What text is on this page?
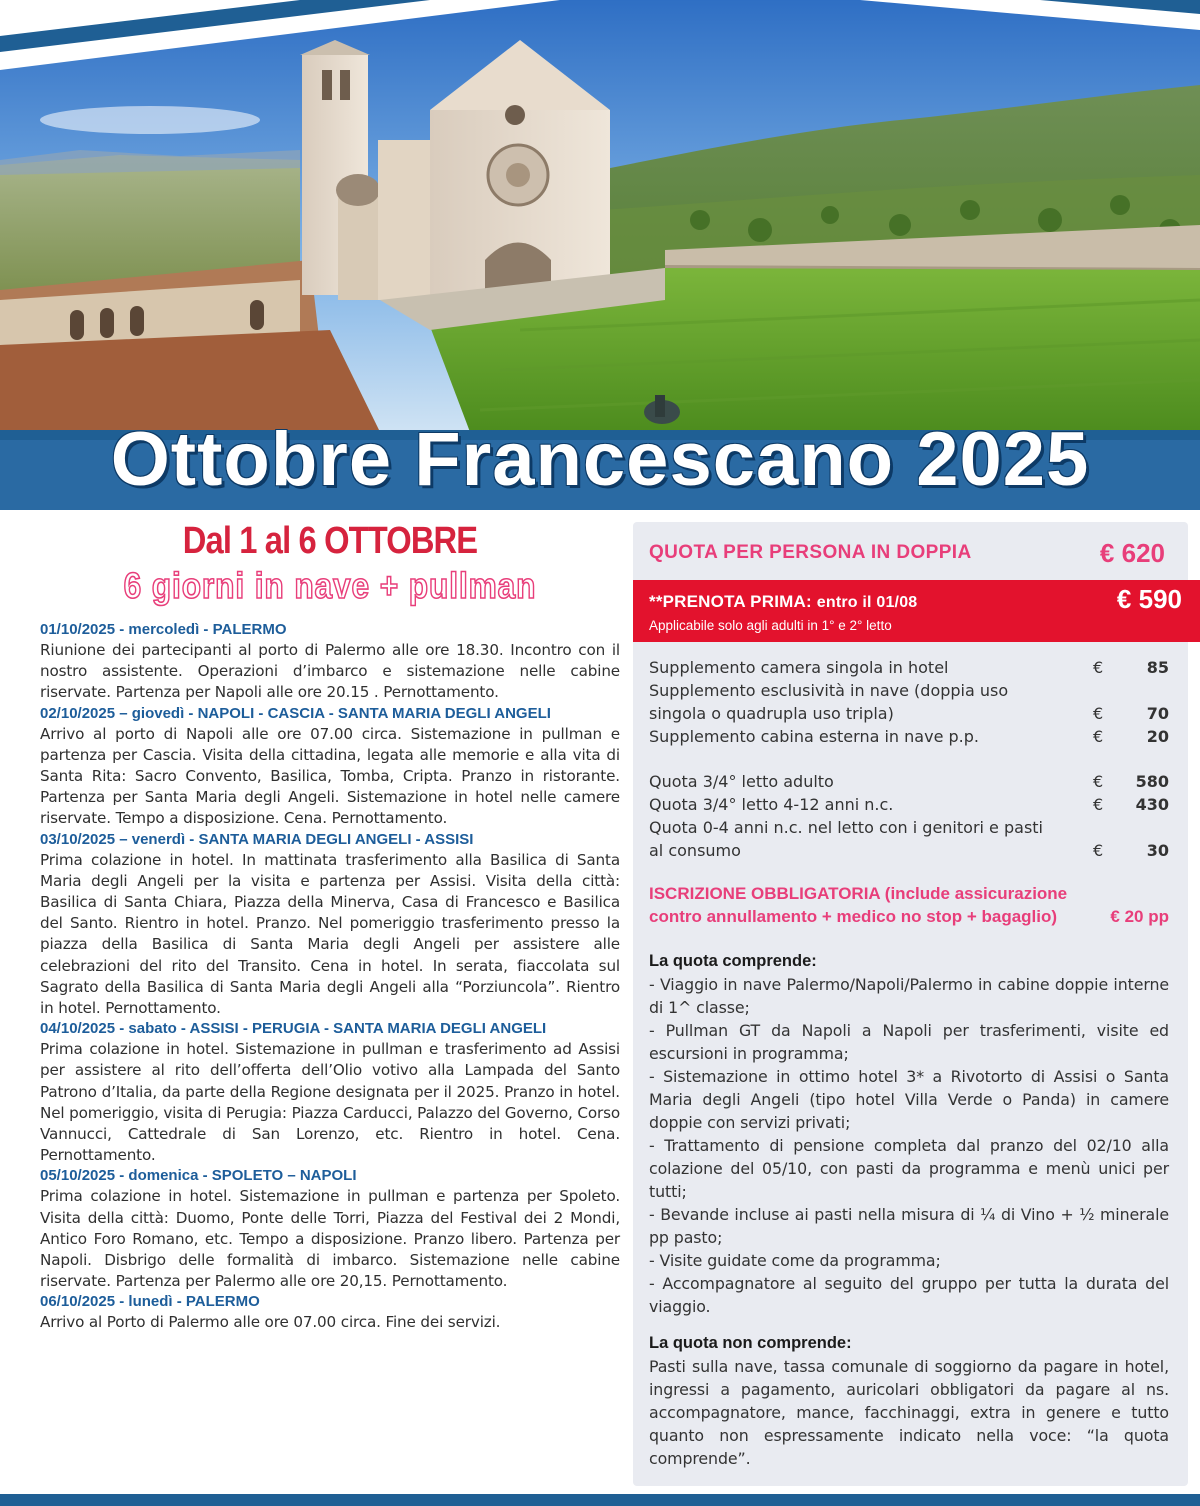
Ottobre Francescano 2025
Dal 1 al 6 OTTOBRE
6 giorni in nave + pullman
01/10/2025 - mercoledì - PALERMO
Riunione dei partecipanti al porto di Palermo alle ore 18.30. Incontro con il nostro assistente. Operazioni d’imbarco e sistemazione nelle cabine riservate. Partenza per Napoli alle ore 20.15 . Pernottamento.
02/10/2025 – giovedì - NAPOLI - CASCIA - SANTA MARIA DEGLI ANGELI
Arrivo al porto di Napoli alle ore 07.00 circa. Sistemazione in pullman e partenza per Cascia. Visita della cittadina, legata alle memorie e alla vita di Santa Rita: Sacro Convento, Basilica, Tomba, Cripta. Pranzo in ristorante. Partenza per Santa Maria degli Angeli. Sistemazione in hotel nelle camere riservate. Tempo a disposizione. Cena. Pernottamento.
03/10/2025 – venerdì - SANTA MARIA DEGLI ANGELI - ASSISI
Prima colazione in hotel. In mattinata trasferimento alla Basilica di Santa Maria degli Angeli per la visita e partenza per Assisi. Visita della città: Basilica di Santa Chiara, Piazza della Minerva, Casa di Francesco e Basilica del Santo. Rientro in hotel. Pranzo. Nel pomeriggio trasferimento presso la piazza della Basilica di Santa Maria degli Angeli per assistere alle celebrazioni del rito del Transito. Cena in hotel. In serata, fiaccolata sul Sagrato della Basilica di Santa Maria degli Angeli alla “Porziuncola”. Rientro in hotel. Pernottamento.
04/10/2025 - sabato - ASSISI - PERUGIA - SANTA MARIA DEGLI ANGELI
Prima colazione in hotel. Sistemazione in pullman e trasferimento ad Assisi per assistere al rito dell’offerta dell’Olio votivo alla Lampada del Santo Patrono d’Italia, da parte della Regione designata per il 2025. Pranzo in hotel. Nel pomeriggio, visita di Perugia: Piazza Carducci, Palazzo del Governo, Corso Vannucci, Cattedrale di San Lorenzo, etc. Rientro in hotel. Cena. Pernottamento.
05/10/2025 - domenica - SPOLETO – NAPOLI
Prima colazione in hotel. Sistemazione in pullman e partenza per Spoleto. Visita della città: Duomo, Ponte delle Torri, Piazza del Festival dei 2 Mondi, Antico Foro Romano, etc. Tempo a disposizione. Pranzo libero. Partenza per Napoli. Disbrigo delle formalità di imbarco. Sistemazione nelle cabine riservate. Partenza per Palermo alle ore 20,15. Pernottamento.
06/10/2025 - lunedì - PALERMO
Arrivo al Porto di Palermo alle ore 07.00 circa. Fine dei servizi.
QUOTA PER PERSONA IN DOPPIA	€ 620
**PRENOTA PRIMA: entro il 01/08	€ 590
Applicabile solo agli adulti in 1° e 2° letto
Supplemento camera singola in hotel	€	85
Supplemento esclusività in nave (doppia uso singola o quadrupla uso tripla)	€	70
Supplemento cabina esterna in nave p.p.	€	20
Quota 3/4° letto adulto	€ 580
Quota 3/4° letto 4-12 anni n.c.	€ 430
Quota 0-4 anni n.c. nel letto con i genitori e pasti al consumo	€	30
ISCRIZIONE OBBLIGATORIA (include assicurazione contro annullamento + medico no stop + bagaglio)	€ 20 pp
La quota comprende:
- Viaggio in nave Palermo/Napoli/Palermo in cabine doppie interne di 1^ classe;
- Pullman GT da Napoli a Napoli per trasferimenti, visite ed escursioni in programma;
- Sistemazione in ottimo hotel 3* a Rivotorto di Assisi o Santa Maria degli Angeli (tipo hotel Villa Verde o Panda) in camere doppie con servizi privati;
- Trattamento di pensione completa dal pranzo del 02/10 alla colazione del 05/10, con pasti da programma e menù unici per tutti;
- Bevande incluse ai pasti nella misura di ¼ di Vino + ½ minerale pp pasto;
- Visite guidate come da programma;
- Accompagnatore al seguito del gruppo per tutta la durata del viaggio.
La quota non comprende:
Pasti sulla nave, tassa comunale di soggiorno da pagare in hotel, ingressi a pagamento, auricolari obbligatori da pagare al ns. accompagnatore, mance, facchinaggi, extra in genere e tutto quanto non espressamente indicato nella voce: “la quota comprende”.
